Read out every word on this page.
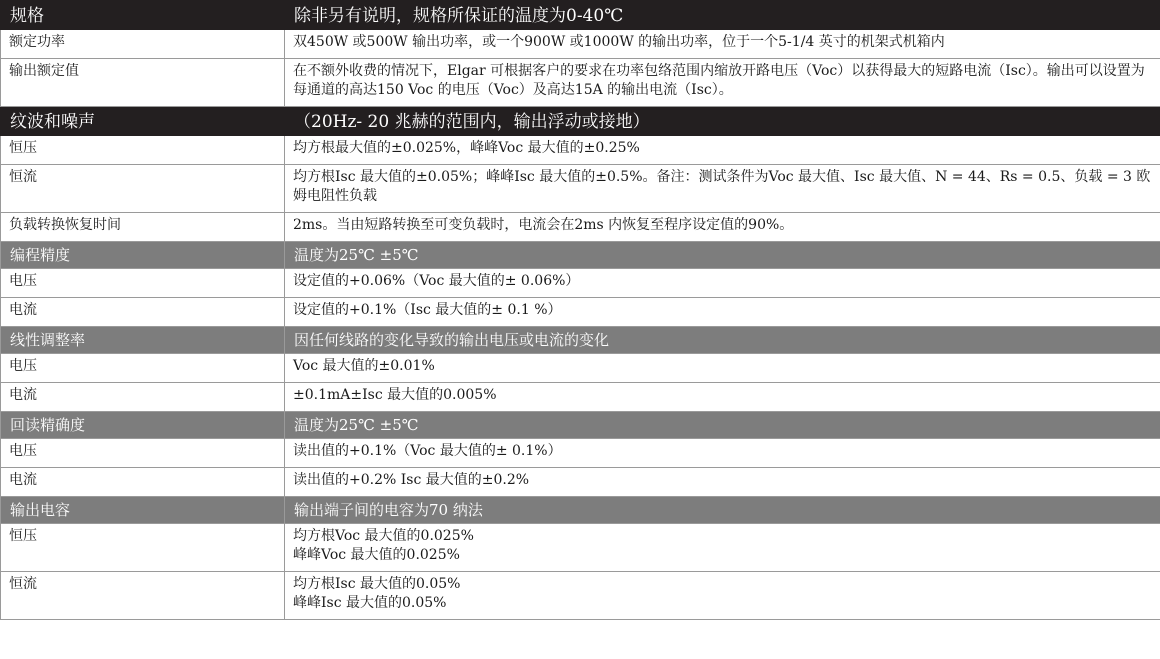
规格	除非另有说明，规格所保证的温度为0-40℃
额定功率	双450W 或500W 输出功率，或一个900W 或1000W 的输出功率，位于一个5-1/4 英寸的机架式机箱内
输出额定值	在不额外收费的情况下，Elgar 可根据客户的要求在功率包络范围内缩放开路电压（Voc）以获得最大的短路电流（Isc）。输出可以设置为每通道的高达150 Voc 的电压（Voc）及高达15A 的输出电流（Isc）。
纹波和噪声	（20Hz- 20 兆赫的范围内，输出浮动或接地）
恒压	均方根最大值的±0.025%，峰峰Voc 最大值的±0.25%
恒流	均方根Isc 最大值的±0.05%；峰峰Isc 最大值的±0.5%。备注：测试条件为Voc 最大值、Isc 最大值、N = 44、Rs = 0.5、负载 = 3 欧姆电阻性负载
负载转换恢复时间	2ms。当由短路转换至可变负载时，电流会在2ms 内恢复至程序设定值的90%。
编程精度	温度为25℃ ±5℃
电压	设定值的+0.06%（Voc 最大值的± 0.06%）
电流	设定值的+0.1%（Isc 最大值的± 0.1 %）
线性调整率	因任何线路的变化导致的输出电压或电流的变化
电压	Voc 最大值的±0.01%
电流	±0.1mA±Isc 最大值的0.005%
回读精确度	温度为25℃ ±5℃
电压	读出值的+0.1%（Voc 最大值的± 0.1%）
电流	读出值的+0.2% Isc 最大值的±0.2%
输出电容	输出端子间的电容为70 纳法
恒压	均方根Voc 最大值的0.025%
峰峰Voc 最大值的0.025%

恒流	均方根Isc 最大值的0.05%
峰峰Isc 最大值的0.05%
